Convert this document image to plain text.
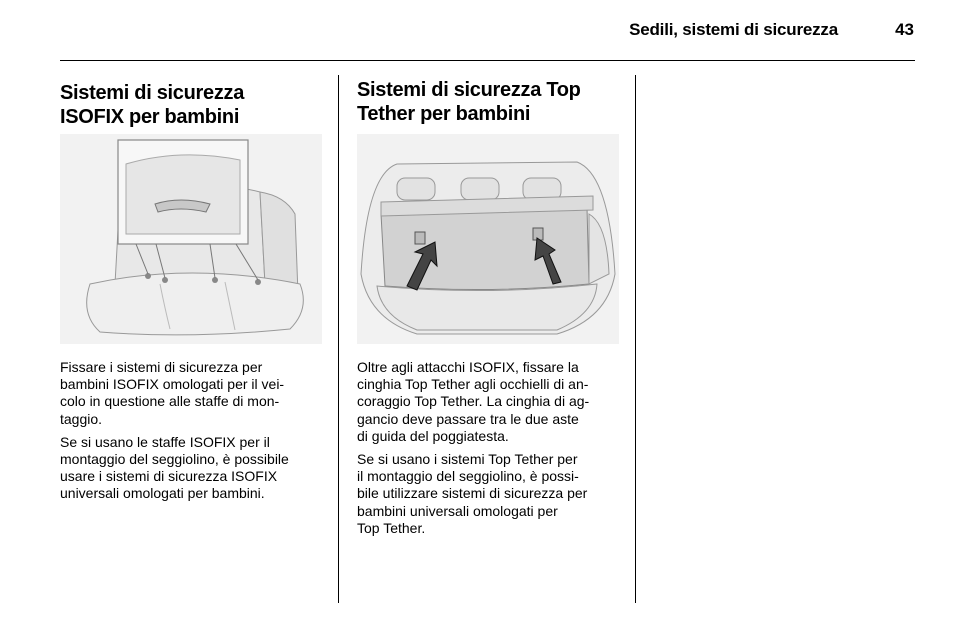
Sedili, sistemi di sicurezza	43
Sistemi di sicurezza
ISOFIX per bambini

Fissare i sistemi di sicurezza per
bambini ISOFIX omologati per il vei-
colo in questione alle staffe di mon-
taggio.

Se si usano le staffe ISOFIX per il
montaggio del seggiolino, è possibile
usare i sistemi di sicurezza ISOFIX
universali omologati per bambini.

Sistemi di sicurezza Top
Tether per bambini

Oltre agli attacchi ISOFIX, fissare la
cinghia Top Tether agli occhielli di an-
coraggio Top Tether. La cinghia di ag-
gancio deve passare tra le due aste
di guida del poggiatesta.

Se si usano i sistemi Top Tether per
il montaggio del seggiolino, è possi-
bile utilizzare sistemi di sicurezza per
bambini universali omologati per
Top Tether.
